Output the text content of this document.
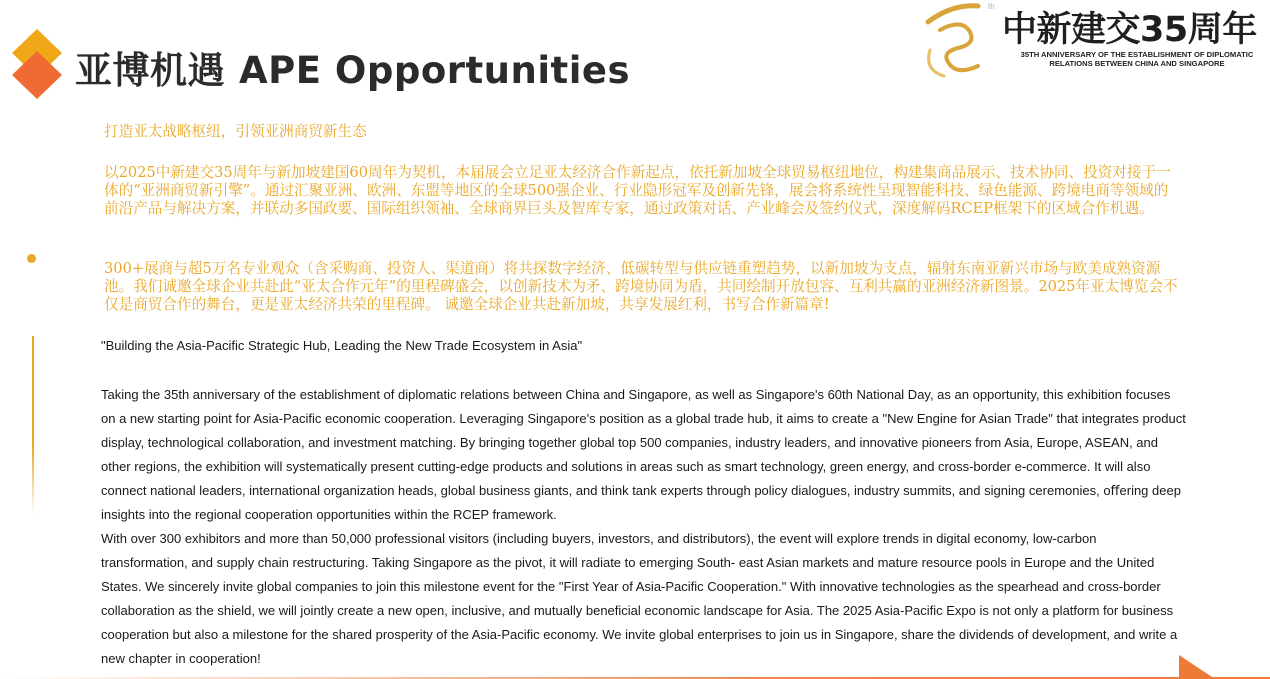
亚博机遇 APE Opportunities
th
中新建交35周年
35TH ANNIVERSARY OF THE ESTABLISHMENT OF DIPLOMATIC
RELATIONS BETWEEN CHINA AND SINGAPORE
打造亚太战略枢纽，引领亚洲商贸新生态
以2025中新建交35周年与新加坡建国60周年为契机，本届展会立足亚太经济合作新起点，依托新加坡全球贸易枢纽地位，构建集商品展示、技术协同、投资对接于一体的“亚洲商贸新引擎”。通过汇聚亚洲、欧洲、东盟等地区的全球500强企业、行业隐形冠军及创新先锋，展会将系统性呈现智能科技、绿色能源、跨境电商等领域的 前沿产品与解决方案，并联动多国政要、国际组织领袖、全球商界巨头及智库专家，通过政策对话、产业峰会及签约仪式，深度解码RCEP框架下的区域合作机遇。
300+展商与超5万名专业观众（含采购商、投资人、渠道商）将共探数字经济、低碳转型与供应链重塑趋势，以新加坡为支点，辐射东南亚新兴市场与欧美成熟资源池。我们诚邀全球企业共赴此“亚太合作元年”的里程碑盛会，以创新技术为矛、跨境协同为盾，共同绘制开放包容、互利共赢的亚洲经济新图景。2025年亚太博览会不仅是商贸合作的舞台，更是亚太经济共荣的里程碑。 诚邀全球企业共赴新加坡，共享发展红利，书写合作新篇章!
"Building the Asia-Pacific Strategic Hub, Leading the New Trade Ecosystem in Asia"
Taking the 35th anniversary of the establishment of diplomatic relations between China and Singapore, as well as Singapore's 60th National Day, as an opportunity, this exhibition focuses on a new starting point for Asia-Pacific economic cooperation. Leveraging Singapore's position as a global trade hub, it aims to create a "New Engine for Asian Trade" that integrates product display, technological collaboration, and investment matching. By bringing together global top 500 companies, industry leaders, and innovative pioneers from Asia, Europe, ASEAN, and other regions, the exhibition will systematically present cutting-edge products and solutions in areas such as smart technology, green energy, and cross-border e-commerce. It will also connect national leaders, international organization heads, global business giants, and think tank experts through policy dialogues, industry summits, and signing ceremonies, oﬀering deep insights into the regional cooperation opportunities within the RCEP framework.
With over 300 exhibitors and more than 50,000 professional visitors (including buyers, investors, and distributors), the event will explore trends in digital economy, low-carbon transformation, and supply chain restructuring. Taking Singapore as the pivot, it will radiate to emerging South- east Asian markets and mature resource pools in Europe and the United States. We sincerely invite global companies to join this milestone event for the "First Year of Asia-Pacific Cooperation." With innovative technologies as the spearhead and cross-border collaboration as the shield, we will jointly create a new open, inclusive, and mutually beneficial economic landscape for Asia. The 2025 Asia-Pacific Expo is not only a platform for business cooperation but also a milestone for the shared prosperity of the Asia-Pacific economy. We invite global enterprises to join us in Singapore, share the dividends of development, and write a new chapter in cooperation!
